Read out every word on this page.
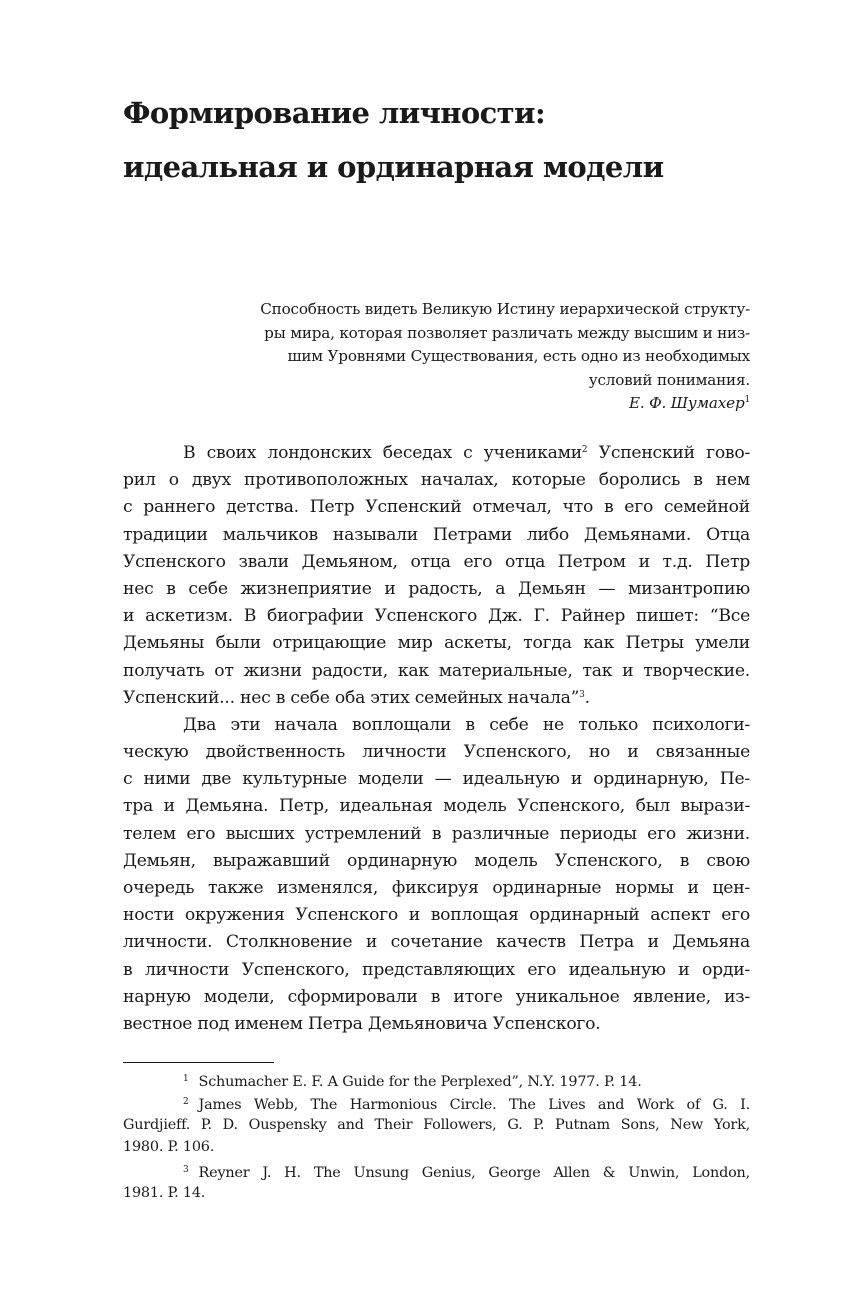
Формирование личности:
идеальная и ординарная модели
Способность видеть Великую Истину иерархической структу-
ры мира, которая позволяет различать между высшим и низ-
шим Уровнями Существования, есть одно из необходимых
условий понимания.
Е. Ф. Шумахер$^1$
В своих лондонских беседах с учениками$^2$ Успенский гово-
рил о двух противоположных началах, которые боролись в нем
с раннего детства. Петр Успенский отмечал, что в его семейной
традиции мальчиков называли Петрами либо Демьянами. Отца
Успенского звали Демьяном, отца его отца Петром и т.д. Петр
нес в себе жизнеприятие и радость, а Демьян — мизантропию
и аскетизм. В биографии Успенского Дж. Г. Райнер пишет: “Все
Демьяны были отрицающие мир аскеты, тогда как Петры умели
получать от жизни радости, как материальные, так и творческие.
Успенский... нес в себе оба этих семейных начала”$^3$.
Два эти начала воплощали в себе не только психологи-
ческую двойственность личности Успенского, но и связанные
с ними две культурные модели — идеальную и ординарную, Пе-
тра и Демьяна. Петр, идеальная модель Успенского, был вырази-
телем его высших устремлений в различные периоды его жизни.
Демьян, выражавший ординарную модель Успенского, в свою
очередь также изменялся, фиксируя ординарные нормы и цен-
ности окружения Успенского и воплощая ординарный аспект его
личности. Столкновение и сочетание качеств Петра и Демьяна
в личности Успенского, представляющих его идеальную и орди-
нарную модели, сформировали в итоге уникальное явление, из-
вестное под именем Петра Демьяновича Успенского.
$^1$ Schumacher E. F. A Guide for the Perplexed”, N.Y. 1977. P. 14.
$^2$ James Webb, The Harmonious Circle. The Lives and Work of G. I.
Gurdjieff. P. D. Ouspensky and Their Followers, G. P. Putnam Sons, New York,
1980. P. 106.
$^3$ Reyner J. H. The Unsung Genius, George Allen & Unwin, London,
1981. P. 14.
